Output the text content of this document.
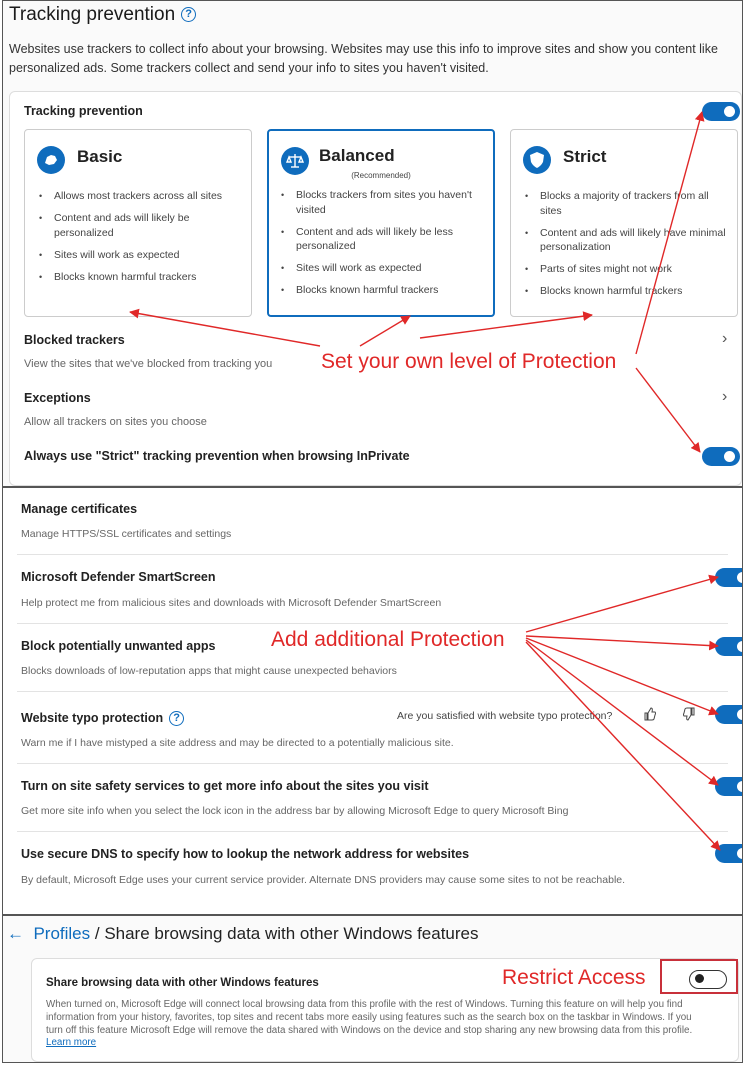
Tracking prevention ?
Websites use trackers to collect info about your browsing. Websites may use this info to improve sites and show you content like personalized ads. Some trackers collect and send your info to sites you haven't visited.
Tracking prevention
Basic
• Allows most trackers across all sites
• Content and ads will likely be personalized
• Sites will work as expected
• Blocks known harmful trackers
Balanced
(Recommended)
• Blocks trackers from sites you haven't visited
• Content and ads will likely be less personalized
• Sites will work as expected
• Blocks known harmful trackers
Strict
• Blocks a majority of trackers from all sites
• Content and ads will likely have minimal personalization
• Parts of sites might not work
• Blocks known harmful trackers
Blocked trackers
View the sites that we've blocked from tracking you
›
Exceptions
Allow all trackers on sites you choose
›
Always use "Strict" tracking prevention when browsing InPrivate
Manage certificates
Manage HTTPS/SSL certificates and settings
Microsoft Defender SmartScreen
Help protect me from malicious sites and downloads with Microsoft Defender SmartScreen
Block potentially unwanted apps
Blocks downloads of low-reputation apps that might cause unexpected behaviors
Website typo protection ?	Are you satisfied with website typo protection?
Warn me if I have mistyped a site address and may be directed to a potentially malicious site.
Turn on site safety services to get more info about the sites you visit
Get more site info when you select the lock icon in the address bar by allowing Microsoft Edge to query Microsoft Bing
Use secure DNS to specify how to lookup the network address for websites
By default, Microsoft Edge uses your current service provider. Alternate DNS providers may cause some sites to not be reachable.
← Profiles / Share browsing data with other Windows features
Share browsing data with other Windows features
When turned on, Microsoft Edge will connect local browsing data from this profile with the rest of Windows. Turning this feature on will help you find information from your history, favorites, top sites and recent tabs more easily using features such as the search box on the taskbar in Windows. If you turn off this feature Microsoft Edge will remove the data shared with Windows on the device and stop sharing any new browsing data from this profile. Learn more
Set your own level of Protection
Add additional Protection
Restrict Access
